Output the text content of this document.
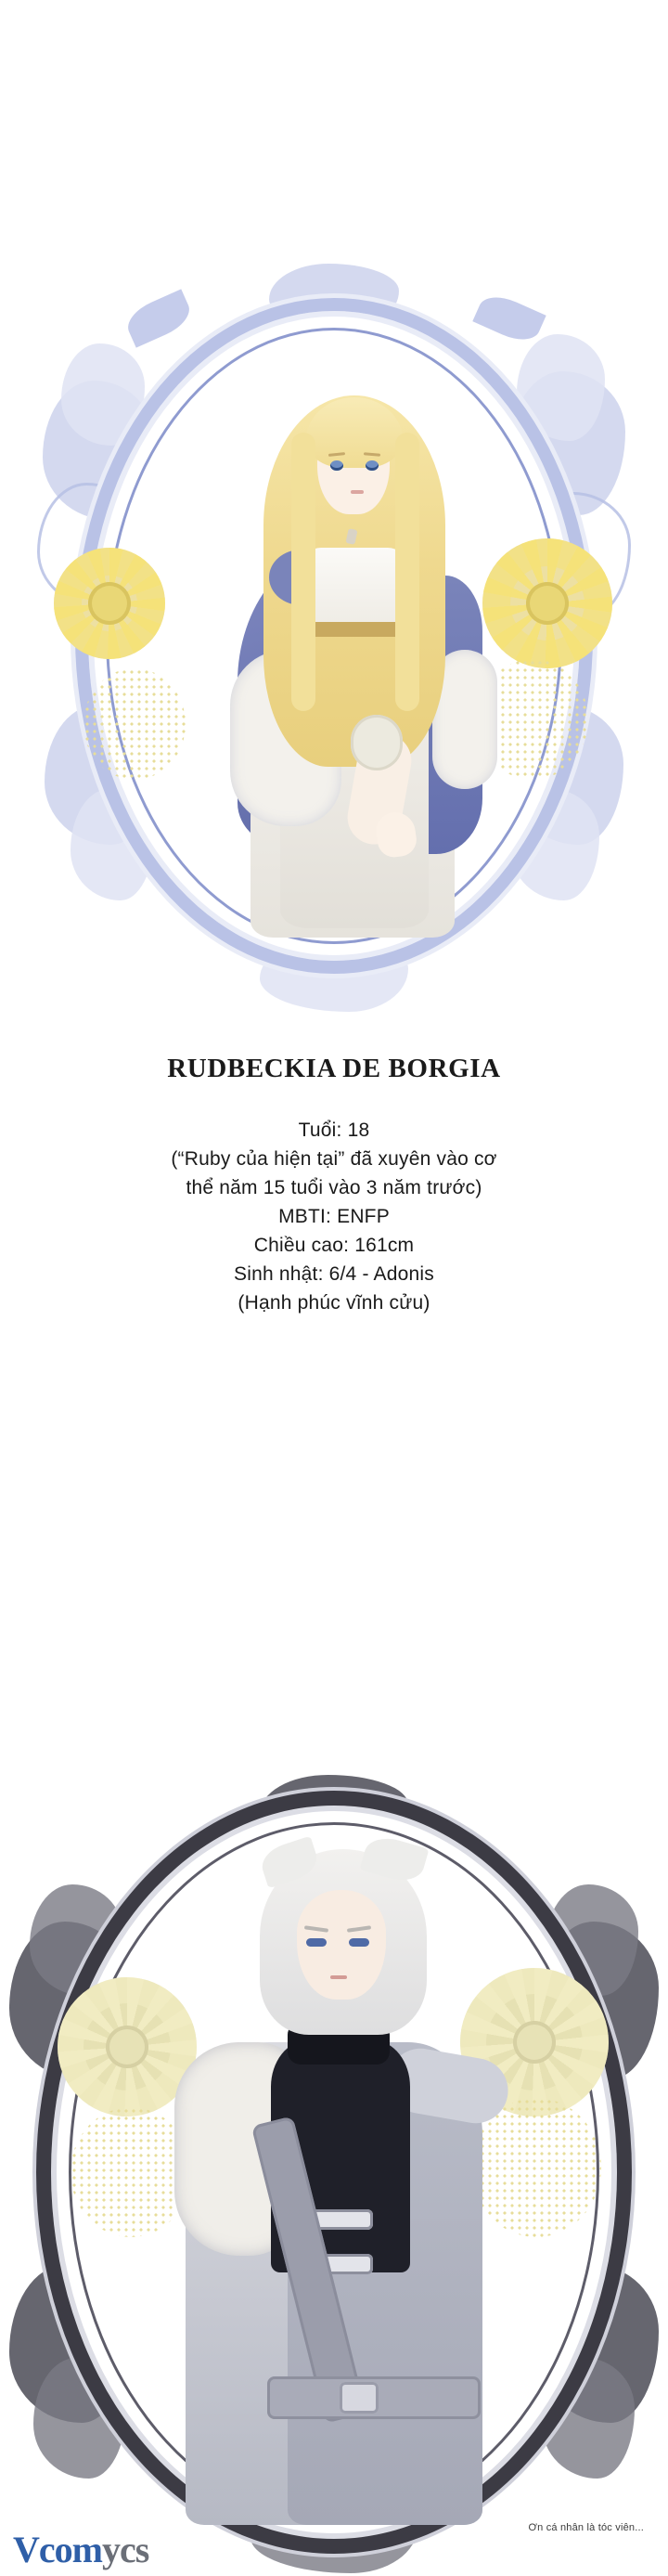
RUDBECKIA DE BORGIA

Tuổi: 18

(“Ruby của hiện tại” đã xuyên vào cơ

thể năm 15 tuổi vào 3 năm trước)

MBTI: ENFP

Chiều cao: 161cm

Sinh nhật: 6/4 - Adonis

(Hạnh phúc vĩnh cửu)

Ơn cá nhân là tóc viên...
Vcomycs
